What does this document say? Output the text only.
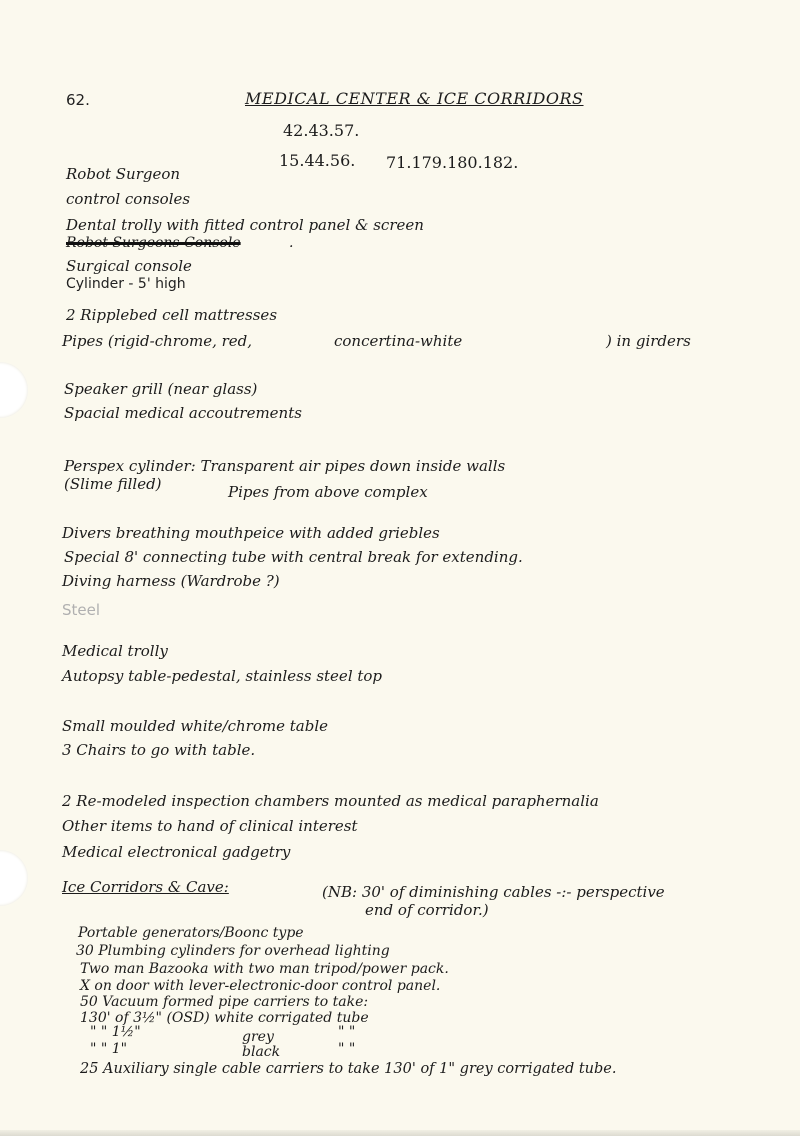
62.	MEDICAL CENTER & ICE CORRIDORS
42.43.57.
15.44.56. 71.179.180.182.
Robot Surgeon
control consoles
Dental trolly with fitted control panel & screen
Robot Surgeons Console	.
Surgical console
Cylinder - 5' high
2 Ripplebed cell mattresses
Pipes (rigid-chrome, red,	concertina-white	) in girders
Speaker grill (near glass)
Spacial medical accoutrements
Perspex cylinder: Transparent air pipes down inside walls
(Slime filled)	Pipes from above complex
Divers breathing mouthpeice with added griebles
Special 8' connecting tube with central break for extending.
Diving harness (Wardrobe ?)
Steel
Medical trolly
Autopsy table-pedestal, stainless steel top
Small moulded white/chrome table
3 Chairs to go with table.
2 Re-modeled inspection chambers mounted as medical paraphernalia
Other items to hand of clinical interest
Medical electronical gadgetry
Ice Corridors & Cave:	(NB: 30' of diminishing cables -:- perspective
end of corridor.)
Portable generators/Boonc type
30 Plumbing cylinders for overhead lighting
Two man Bazooka with two man tripod/power pack.
X on door with lever-electronic-door control panel.
50 Vacuum formed pipe carriers to take:
130' of 3½" (OSD) white corrigated tube
" " 1½"	grey	" "
" " 1"	black	" "
25 Auxiliary single cable carriers to take 130' of 1" grey corrigated tube.
